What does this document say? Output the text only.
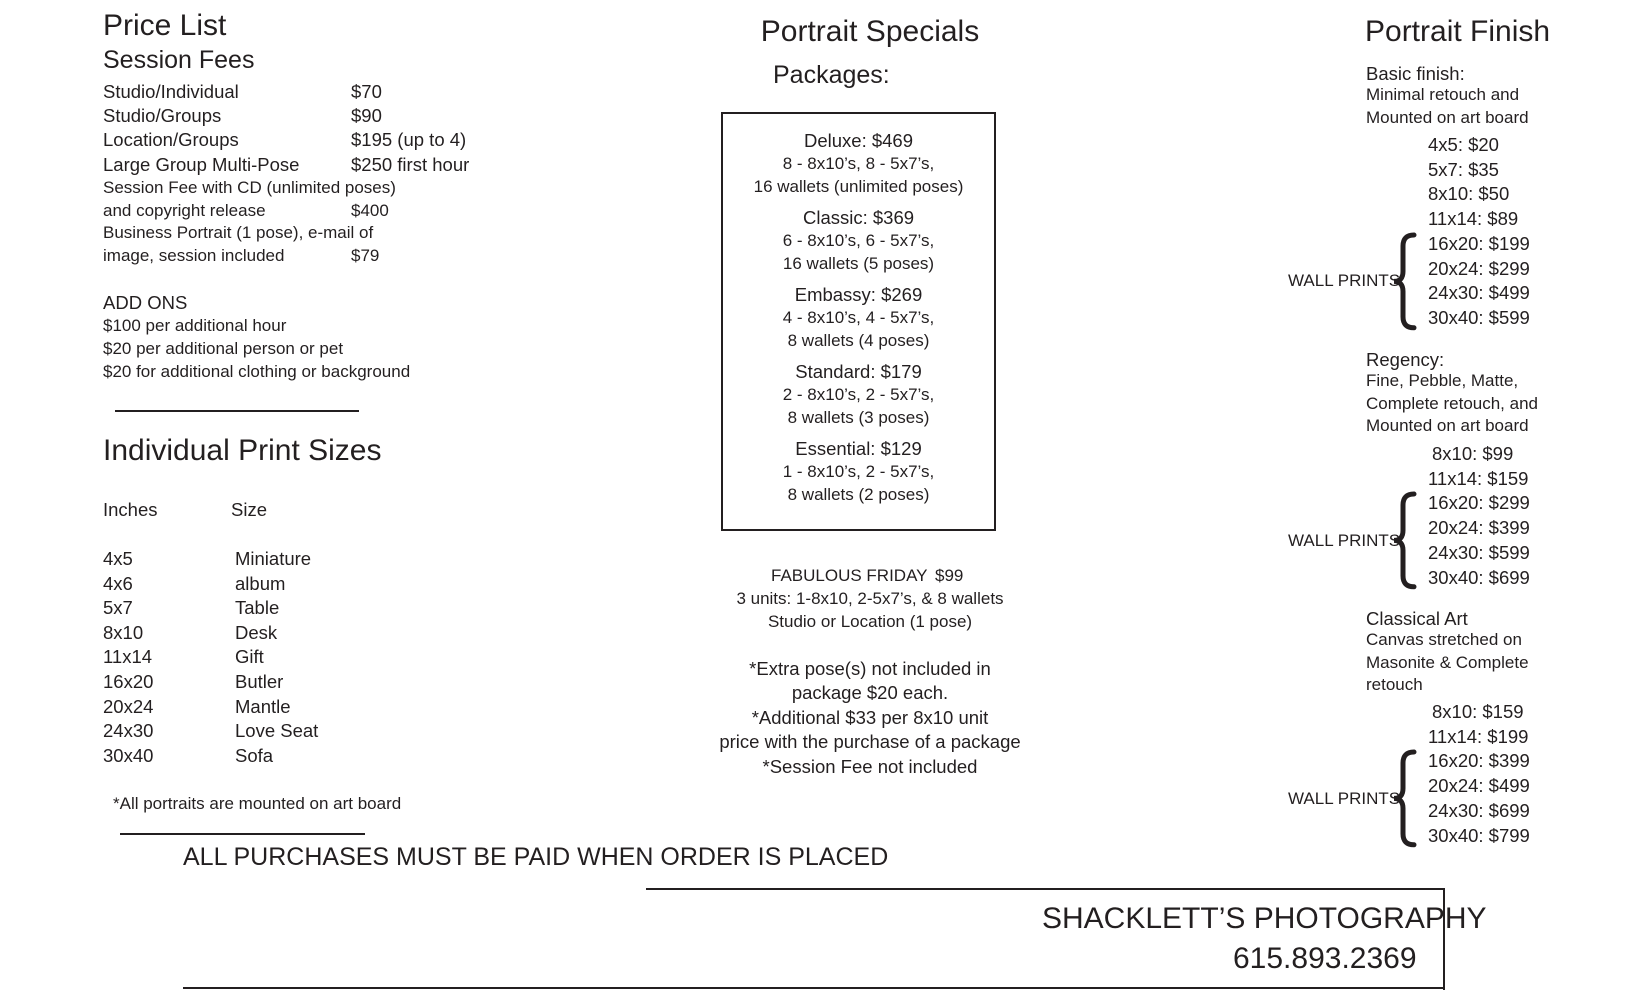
Price List
Session Fees
Studio/Individual	$70
Studio/Groups	$90
Location/Groups	$195 (up to 4)
Large Group Multi-Pose	$250 first hour
Session Fee with CD (unlimited poses)
and copyright release	$400
Business Portrait (1 pose), e-mail of
image, session included	$79
ADD ONS
$100 per additional hour
$20 per additional person or pet
$20 for additional clothing or background
Individual Print Sizes
Inches	Size
4x5	Miniature
4x6	album
5x7	Table
8x10	Desk
11x14	Gift
16x20	Butler
20x24	Mantle
24x30	Love Seat
30x40	Sofa
*All portraits are mounted on art board
Portrait Specials
Packages:
Deluxe: $469
8 - 8x10’s, 8 - 5x7’s,
16 wallets (unlimited poses)
Classic: $369
6 - 8x10’s, 6 - 5x7’s,
16 wallets (5 poses)
Embassy: $269
4 - 8x10’s, 4 - 5x7’s,
8 wallets (4 poses)
Standard: $179
2 - 8x10’s, 2 - 5x7’s,
8 wallets (3 poses)
Essential: $129
1 - 8x10’s, 2 - 5x7’s,
8 wallets (2 poses)
FABULOUS FRIDAY $99
3 units: 1-8x10, 2-5x7’s, & 8 wallets
Studio or Location (1 pose)
*Extra pose(s) not included in
package $20 each.
*Additional $33 per 8x10 unit
price with the purchase of a package
*Session Fee not included
Portrait Finish
Basic finish:
Minimal retouch and
Mounted on art board
4x5: $20
5x7: $35
8x10: $50
11x14: $89
16x20: $199
20x24: $299
24x30: $499
30x40: $599
WALL PRINTS
Regency:
Fine, Pebble, Matte,
Complete retouch, and
Mounted on art board
8x10: $99
11x14: $159
16x20: $299
20x24: $399
24x30: $599
30x40: $699
WALL PRINTS
Classical Art
Canvas stretched on
Masonite & Complete
retouch
8x10: $159
11x14: $199
16x20: $399
20x24: $499
24x30: $699
30x40: $799
WALL PRINTS
ALL PURCHASES MUST BE PAID WHEN ORDER IS PLACED
SHACKLETT’S PHOTOGRAPHY
615.893.2369
